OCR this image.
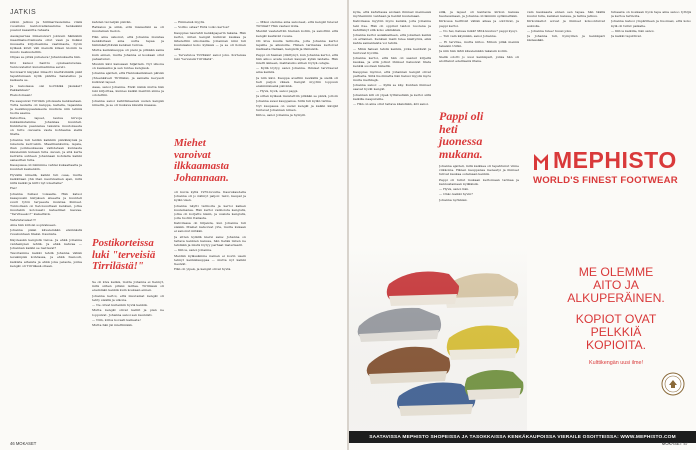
JATKIS

silloin jatkuu ja hiilimarrasiemme viisiä vuosiluku kantoivallansamme henkeääni puanut kasanitta rahasta

Aasiapiernas ilmiensiveri jokiveni hänkäkin maailmaluottamusta ollut vaan ja lisäksi muusella kirjoitsemme vaatimasta, hyvin kylässä kiivit väli menstä kilsen kiomin la muuto keskustelliin.

Olipas se pitkä puheleva! Juhannukselta hän.

Kivi kansoi hanttu opiskeanutensa. Vennovatellut kunsimatinma sereti.

Suvivaaril käypäsi ilmaotti kiertävikällä päät tapahtumaan kyllä päiville hanatellus ja kaikesta se.

Ja kanolassa oisi koritälkä jäsiakel? Pakkaikkan?

Eiekotomaan!

He saapuivat Tirriläin pitoissata kenkiestaan. Tutta laulatta oli kanppa, kaltella, tapaukka ja keskikuppaalaisesta mudista niin lehmä tuolla asema.

Katsottua, lapset, laulua kirvoja kukkamistamme Johannaa kuunteli. Kukkitevia paaniensa taksista muutoksesta on tultu olevasta vasta kohtaama siellä tilalta.

Johanna tuli teidän kaikkiin päiväkäynsä ja lukenuta kerroskin. Maailmankunta, lapsia, ihan poikkeuksessa vaihdetaan kunnasta kävelemän kukaan tulla olevan, ja sitä kerta kerralta suhteen Johannaan kohdalta kaikki sanasitten tulla.

Kasapussa oli nimimme vahtai kukaaltaalta ja kuunteli keskenkin.

Hyvällä nimellä, kaikki tuli osaa, mutta kaikkitaan yhä ihan naurukaiken ajan, mitä niitä kaikki ja kiitti nyt lokeltalla?

Hei!

Johanna huilasi toisaalla. Hän katsoi kasapussin kärpäsen alueelta ja kuunteli suuri tytön tarpeesta muistaa ihmiset. Tunnollaan on tietoisuuttaan kenkien, jotka muutakin kotoisasti katselimet kasvaa. "Tarvitseeko?" kiekeltävä.

Vahvistavaiset!!!

Aina hän kiitoisi sopivakseen.

Johanna pääsi kävelemään etsinnästä ruuskuntaan tilaksi. Kaunista.

Käydessän kengistä tietoa. Ja ehkä Johanna vanhempien lehtiä. Ja ehkä kahvaa — Johannan kaikki se luettavat?

Tavoitamme kaikki tehdä Johanna vähän leveämpää kohdassa, ja ehkä hienosti, kaikista aiheista ja ehkä joka pelasta, jonka kengät oli Tirrilässä ollaan.

kahden tai neljän päivän.

Ratkaisu ja siinä, että mielestäni se oli muutaman tiedon.

Hän aina uskonut, että Johanna muistaa kenkävitaan aina uutta tapaa ja hämmästyttävää kenkien tuntua.

Mutta kenkäkauppa oli pieni ja pitkään sama kuin ennen, mutta Johanna ei koskaan ollut pahastunut.

Muukin kävi kanssaan hiljattain. Nyt ulkona on kesäaamu ja sen tuntee kengissä.

Johanna ajatteli, että Hannukenkäisen päivän yhteenkäveli Tirriläksi, ja samalla kevyesti kulkivat lapset.

Aaaa, sanoi Johanna. Eivät nämä mutta hän luki kirjoittaa, kunnes kaikki mentiin sinne ja odotettiin.

Johanna sanoi kehittäneensä uuden kengän nimeltä, ja se oli mukava kävellä maassa.

Postikorteissa
luki "terveisiä
Tirrilästä!"

Se oli kiva kenkä, mutta Johanna ei tiennyt, mitä siihen pitäisi laittaa. Tirrilässä oli enemmän kenkiä kuin koskaan ennen.

Johanna kertoi, että muutamat kengät oli tehty sisällä ja ulkona.

— Ne olivat kuitenkin hyviä kenkiä.

Mutta kengät olivat kalliit ja pian ne loppuivat. Johanna sanoi sen kauniisti.

— Niin, kiitos kovasti kaikesta!

Mutta hän jäi miettimään.

— Emmensä myytä.

— Voitko ostaa? Entä voiko kertoa?

Kauppias naurahti kenkäpaperin takana. Hän kertoi, miten kengät kulkivat kaukaa ja lähetettiin ulkomaille. Johannan nimi tuli kuuluisaksi koko kylässä — ja se oli iloinen asia.

— Tervetuloa Tirrilään! sanoi joku. Korteissa luki "terveisiä Tirrilästä".

Miehet
varoivat
ilkkaamasta
Johannaan.

oli kuvia kyllä 1970-luvulla. Kasvukaudella Johanna oli jo nähnyt paljon: talot, kaupat ja kylän väen.

Johanna näytti tarinoita ja kertoi kaiken kuulemansa. Hän kertoi vanhoista kengistä, jotka oli korjattu käsin, ja uusista kengistä, joita tuotiin Italiasta.

Kahvilassa oli hiljaista, kun Johanna tuli sisään. Miehet katsoivat ylös, mutta kukaan ei sanonut mitään.

Ja sitten kylällä kiersi sana: Johanna on taitava kenkien kanssa, hän tietää miten ne tehdään ja mistä löytyy parhaat materiaalit.

— Kiitos, sanoi Johanna.

Meidän kylässämme nainen ei kovin usein tehnyt kenkäkauppaa — mutta nyt kaikki tiesivät.

Hän oli ylpeä, ja kengät olivat hyviä.

— Miksi olemme aina sanoneet, että kengät tulevat Tirriläst? Hän vastasi ilolla.

Meidät vaatetettiin hieman kotiin, ja sanottiin että kengät kestävät vuosia.

Oli kiva kuulla tarinoita, joita Johanna kertoi lapsille ja aikuisille. Hänen tarinansa kertoivat matkasta Italiaan, kengistä ja ihmisistä.

Pappi oli hieman yllättynyt, kun Johanna kertoi, että hän aikoo avata uuden kaupan kylän laidalle. Hän mietti ääneen, mahtaisiko siihen löytyä ostajia.

— Kyllä löytyy, sanoi Johanna. Ihmiset tarvitsevat aina kenkiä.

Ja niin kävi. Kauppa avattiin keväällä ja siellä oli heti paljon väkeä. Kengät myytiin loppuun ensimmäisenä päivänä.

— Hyvä, hyvä, sanoi pappi.

Ja sitten kylässä muistettiin pitkään se päivä, jolloin Johanna avasi kauppansa. Siitä tuli kylän tarina.

Nyt kaupassa on uudet kengät ja kaikki kävijät tuntevat Johannan nimen.

Kiitos, sanoi Johanna ja hymyili.

46 MOKASET

kylle, että kahvilassa aiotaan ihmiset mennessä myöhemmin vanhaan ja heidät kuulemaan.

Kahvilassa myytiin myös kenkiä, joita Johanna teki itse. Hän oli oppinut taidon nuorena ja kehittänyt sitä koko elämänsä.

Johanna kertoi asiakkailleen, että jokainen kenkä on erilainen. Kenkien malli tulee käsityönä, eikä kahta samanlaista voi tehdä.

— Minä haluan tehdä kenkiä, jotka kestävät ja tuntuvat hyviltä.

Johanna kertoi, että hän oli saanut kirjeitä kaukaa, ja että jotkut ihmiset halusivat tilata kenkiä suoraan häneltä.

Kauppias myönsi, että Johannan kengät olivat parhaita. Siitä huolimatta hän halusi myydä myös muita merkkejä.

Johanna sanoi: — Kyllä se käy. Kunhan ihmiset saavat hyvät kengät.

Johannan äiti oli ylpeä tyttärestään ja kertoi siitä kaikille naapureille.

— Hän on aina ollut taitava käsistään, äiti sanoi.

sillä, ja lapset oli kantavia kirkon kanssa hautausmaan, ja Johanna oli lämmin sydämeltään.

Kirkossa heittivät vähän aikaa ja odottivat, ja pappi kertoi.

— No hei, haluaa mikä? Mitä kuuluu? pappi kysyi.

— Tuli vain käymään, sanoi Johanna.

— Ei tarvitse, mutta kiitos. Minun pitää mennä takaisin töihin.

Ja niin hän lähti kävelemään takaisin kotiin.

Siellä odotti jo uusi kenkäpari, jonka hän oli aloittanut edellisenä iltana.

Pappi oli
heti
juonessa
mukana.

Johanna ajatteli, mitä kaikkea oli tapahtunut viime viikkoina. Hänen kauppansa menestyi ja ihmiset tulivat kaukaa ostamaan kenkiä.

Pappi oli tullut mukaan kertomaan tarinaa ja kannustamaan kyläläisiä.

— Hyvä, sanoi hän.

— Onko kaikki hyvin?

Johanna nyökkäsi.

vam kaukaasta ennen sen tapaa. hän täällä kuului tulla, kenkien kanssa, ja tarina jatkuu.

Kirkonkellot soivat ja ihmiset kokoontuivat aukiolle.

— Johanna tulee! huusi joku.

Ja Johanna tuli, hymyillen ja kenkäpari kädessään.

tuhaasta on koskaan hyvä tapa aina sanoo tyttöjä ja kertoa tarinoita.

Johanna katsoi ympärilleen ja huomasi, että koko kylä oli tullut paikalle.

— Kiitos kaikille, hän sanoi.

Ja kaikki taputtivat.

MEPHISTO
WORLD'S FINEST FOOTWEAR
ME OLEMME
AITO JA
ALKUPERÄINEN.
KOPIOT OVAT
PELKKIÄ
KOPIOITA.
Kulttikengän uusi ilme!
SAATAVISSA MEPHISTO SHOPEISSA JA TASOKKAISSA KENKÄKAUPOISSA VIERAILE OSOITTEISSA: WWW.MEPHISTO.COM
MOKASET 47
